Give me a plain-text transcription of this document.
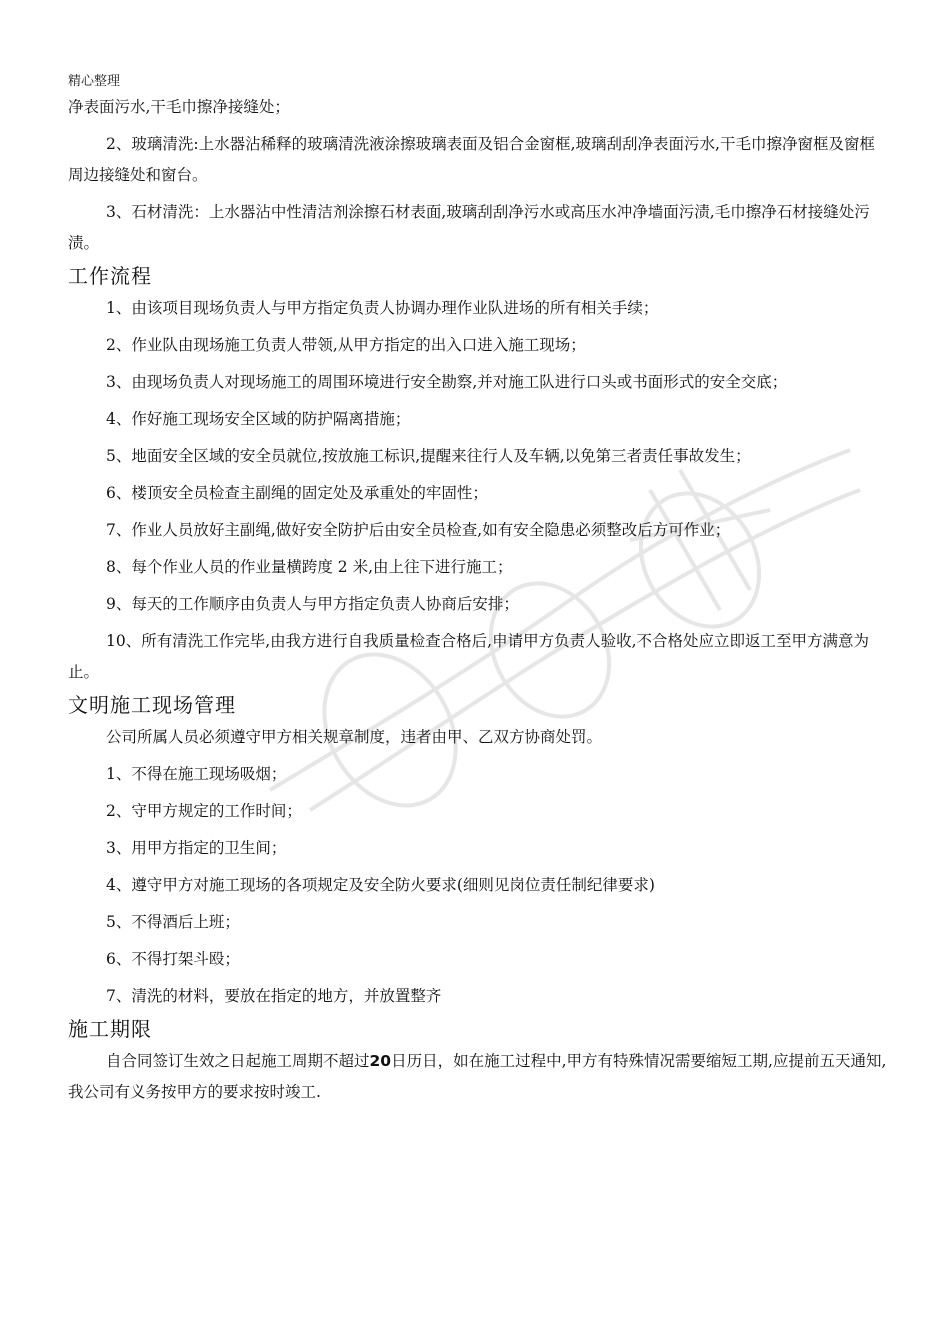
精心整理

净表面污水,干毛巾擦净接缝处；

2、玻璃清洗:上水器沾稀释的玻璃清洗液涂擦玻璃表面及铝合金窗框,玻璃刮刮净表面污水,干毛巾擦净窗框及窗框周边接缝处和窗台。

3、石材清洗：上水器沾中性清洁剂涂擦石材表面,玻璃刮刮净污水或高压水冲净墙面污渍,毛巾擦净石材接缝处污渍。

工作流程

1、由该项目现场负责人与甲方指定负责人协调办理作业队进场的所有相关手续；

2、作业队由现场施工负责人带领,从甲方指定的出入口进入施工现场；

3、由现场负责人对现场施工的周围环境进行安全勘察,并对施工队进行口头或书面形式的安全交底；

4、作好施工现场安全区域的防护隔离措施；

5、地面安全区域的安全员就位,按放施工标识,提醒来往行人及车辆,以免第三者责任事故发生；

6、楼顶安全员检查主副绳的固定处及承重处的牢固性；

7、作业人员放好主副绳,做好安全防护后由安全员检查,如有安全隐患必须整改后方可作业；

8、每个作业人员的作业量横跨度 2 米,由上往下进行施工；

9、每天的工作顺序由负责人与甲方指定负责人协商后安排；

10、所有清洗工作完毕,由我方进行自我质量检查合格后,申请甲方负责人验收,不合格处应立即返工至甲方满意为止。

文明施工现场管理

公司所属人员必须遵守甲方相关规章制度，违者由甲、乙双方协商处罚。

1、不得在施工现场吸烟；

2、守甲方规定的工作时间；

3、用甲方指定的卫生间；

4、遵守甲方对施工现场的各项规定及安全防火要求(细则见岗位责任制纪律要求)

5、不得酒后上班；

6、不得打架斗殴；

7、清洗的材料，要放在指定的地方，并放置整齐

施工期限

自合同签订生效之日起施工周期不超过20日历日，如在施工过程中,甲方有特殊情况需要缩短工期,应提前五天通知,我公司有义务按甲方的要求按时竣工.
